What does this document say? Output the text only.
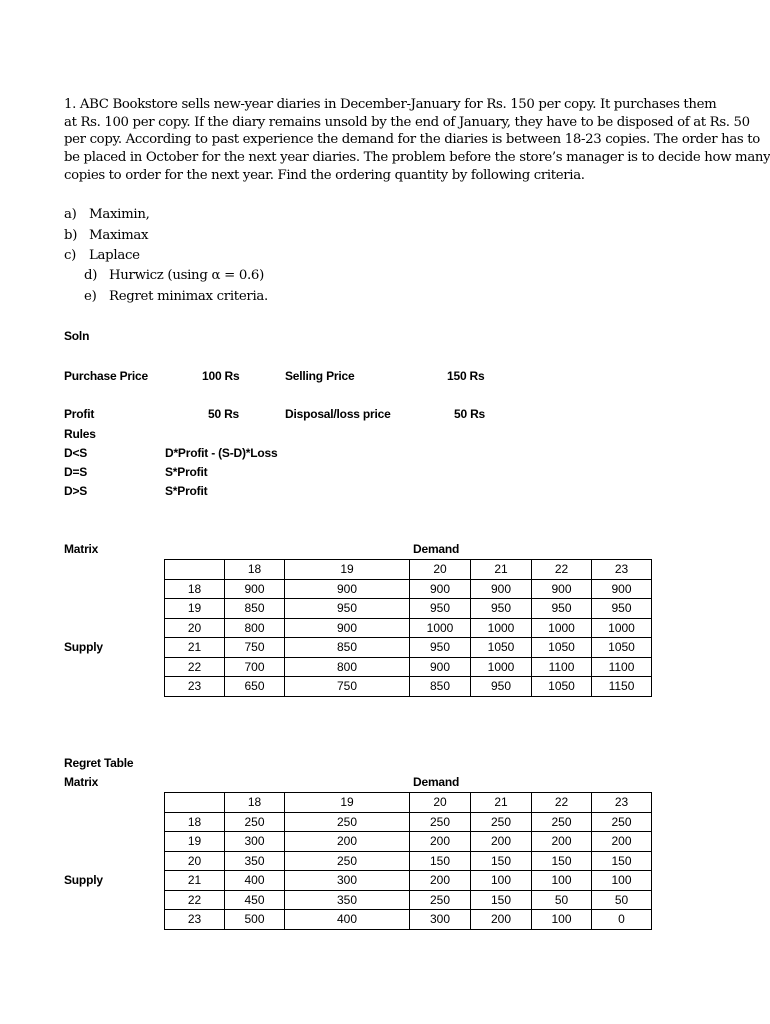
1. ABC Bookstore sells new-year diaries in December-January for Rs. 150 per copy. It purchases them
at Rs. 100 per copy. If the diary remains unsold by the end of January, they have to be disposed of at Rs. 50
per copy. According to past experience the demand for the diaries is between 18-23 copies. The order has to
be placed in October for the next year diaries. The problem before the store’s manager is to decide how many
copies to order for the next year. Find the ordering quantity by following criteria.
a) Maximin,
b) Maximax
c) Laplace
d) Hurwicz (using α = 0.6)
e) Regret minimax criteria.
Soln
Purchase Price	100 Rs	Selling Price	150 Rs
Profit	50 Rs	Disposal/loss price	50 Rs
Rules
D<S	D*Profit - (S-D)*Loss
D=S	S*Profit
D>S	S*Profit
Matrix	Demand
Supply
	18	19	20	21	22	23
18	900	900	900	900	900	900
19	850	950	950	950	950	950
20	800	900	1000	1000	1000	1000
21	750	850	950	1050	1050	1050
22	700	800	900	1000	1100	1100
23	650	750	850	950	1050	1150
Regret Table
Matrix	Demand
Supply
	18	19	20	21	22	23
18	250	250	250	250	250	250
19	300	200	200	200	200	200
20	350	250	150	150	150	150
21	400	300	200	100	100	100
22	450	350	250	150	50	50
23	500	400	300	200	100	0
